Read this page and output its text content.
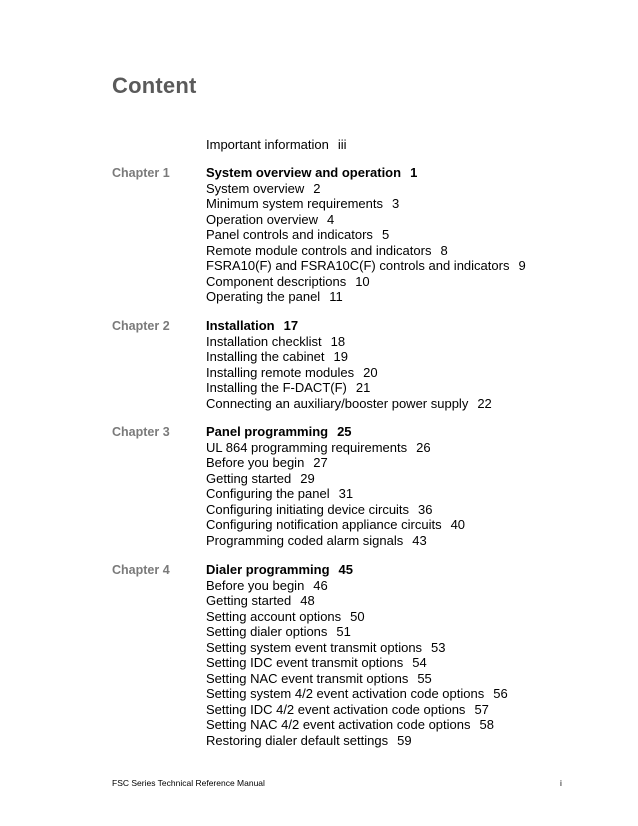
Content
Important information iii
Chapter 1	System overview and operation 1
System overview 2
Minimum system requirements 3
Operation overview 4
Panel controls and indicators 5
Remote module controls and indicators 8
FSRA10(F) and FSRA10C(F) controls and indicators 9
Component descriptions 10
Operating the panel 11
Chapter 2	Installation 17
Installation checklist 18
Installing the cabinet 19
Installing remote modules 20
Installing the F-DACT(F) 21
Connecting an auxiliary/booster power supply 22
Chapter 3	Panel programming 25
UL 864 programming requirements 26
Before you begin 27
Getting started 29
Configuring the panel 31
Configuring initiating device circuits 36
Configuring notification appliance circuits 40
Programming coded alarm signals 43
Chapter 4	Dialer programming 45
Before you begin 46
Getting started 48
Setting account options 50
Setting dialer options 51
Setting system event transmit options 53
Setting IDC event transmit options 54
Setting NAC event transmit options 55
Setting system 4/2 event activation code options 56
Setting IDC 4/2 event activation code options 57
Setting NAC 4/2 event activation code options 58
Restoring dialer default settings 59
FSC Series Technical Reference Manual	i
